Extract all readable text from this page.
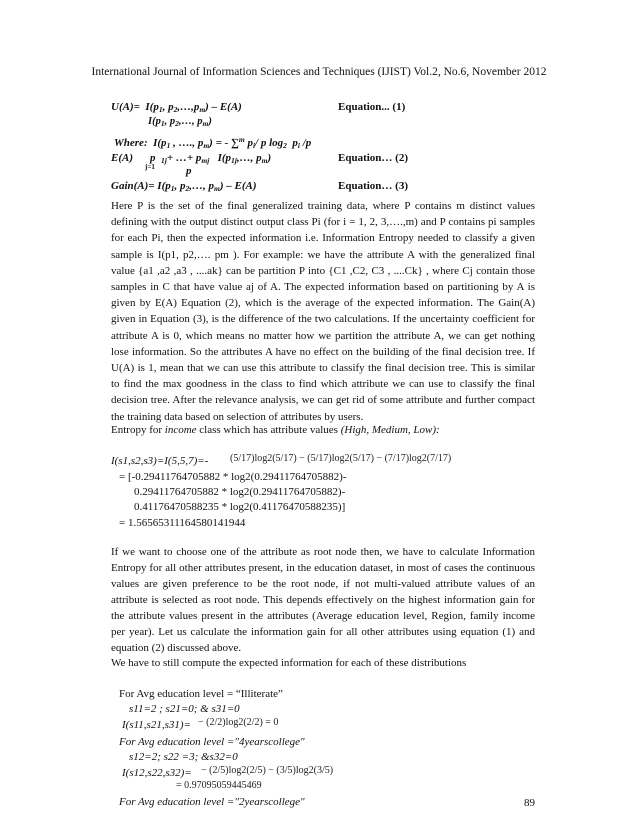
International Journal of Information Sciences and Techniques (IJIST) Vol.2, No.6, November 2012
$U(A)= I(p_1$, $p_2,\dots,p_m) - E(A)$
$I(p_1$, $p_2,\dots$, $p_m$)
Equation... (1)
Where:  $I(p_1$ , …., $p_m$) = - ∑$^m$ $p_i/$ p $\log_2 p_i$ /p
E(A) p  $_{1j}$+ …+ $p_{mj}$   $I(p_{1j},\dots$, $p_m$)
j=1	p
Equation… (2)
Gain(A)= $I(p_1$, $p_2,\dots$, $p_m) - E(A)$	Equation… (3)

Here P is the set of the final generalized training data, where P contains m distinct values defining with the output distinct output class Pi (for i = 1, 2, 3,….,m) and P contains pi samples for each Pi, then the expected information i.e. Information Entropy needed to classify a given sample is I(p1, p2,…. pm ). For example: we have the attribute A with the generalized final value {a1 ,a2 ,a3 , ....ak} can be partition P into {C1 ,C2, C3 , ....Ck} , where Cj contain those samples in C that have value aj of A. The expected information based on partitioning by A is given by E(A) Equation (2), which is the average of the expected information. The Gain(A) given in Equation (3), is the difference of the two calculations. If the uncertainty coefficient for attribute A is 0, which means no matter how we partition the attribute A, we can get nothing lose information. So the attributes A have no effect on the building of the final decision tree. If U(A) is 1, mean that we can use this attribute to classify the final decision tree. This is similar to find the max goodness in the class to find which attribute we can use to classify the final decision tree. After the relevance analysis, we can get rid of some attribute and further compact the training data based on selection of attributes by users.

Entropy for income class which has attribute values (High, Medium, Low):
I(s1,s2,s3)=I(5,5,7)=- (5/17)log2(5/17) − (5/17)log2(5/17) − (7/17)log2(7/17)
= [-0.29411764705882 * log2(0.29411764705882)-
0.29411764705882 * log2(0.29411764705882)-
0.41176470588235 * log2(0.41176470588235)]
= 1.56565311164580141944

If we want to choose one of the attribute as root node then, we have to calculate Information Entropy for all other attributes present, in the education dataset, in most of cases the continuous values are given preference to be the root node, if not multi-valued attribute values of an attribute is selected as root node. This depends effectively on the highest information gain for the attribute values present in the attributes (Average education level, Region, family income per year). Let us calculate the information gain for all other attributes using equation (1) and equation (2) discussed above.

We have to still compute the expected information for each of these distributions
For Avg education level = “Illiterate”
s11=2 ; s21=0; & s31=0
I(s11,s21,s31)= − (2/2)log2(2/2) = 0
For Avg education level ="4yearscollege"
s12=2; s22 =3; &s32=0
I(s12,s22,s32)= − (2/5)log2(2/5) − (3/5)log2(3/5)
= 0.97095059445469
For Avg education level ="2yearscollege"	89
